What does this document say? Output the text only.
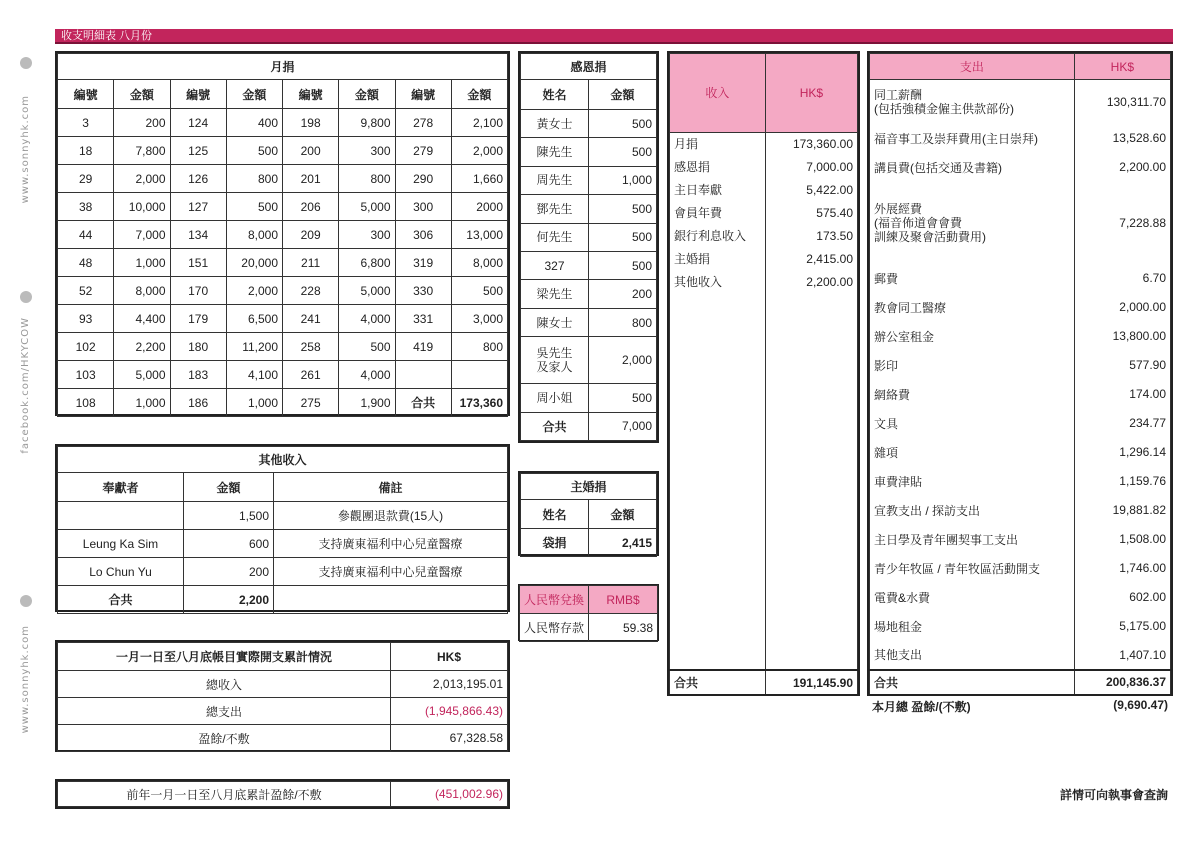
收支明細表 八月份
www.sonnyhk.com
facebook.com/HKYCOW
www.sonnyhk.com
月捐							
編號	金額	編號	金額	編號	金額	編號	金額
3	200	124	400	198	9,800	278	2,100
18	7,800	125	500	200	300	279	2,000
29	2,000	126	800	201	800	290	1,660
38	10,000	127	500	206	5,000	300	2000
44	7,000	134	8,000	209	300	306	13,000
48	1,000	151	20,000	211	6,800	319	8,000
52	8,000	170	2,000	228	5,000	330	500
93	4,400	179	6,500	241	4,000	331	3,000
102	2,200	180	11,200	258	500	419	800
103	5,000	183	4,100	261	4,000		
108	1,000	186	1,000	275	1,900	合共	173,360
感恩捐	
姓名	金額
黃女士	500
陳先生	500
周先生	1,000
鄧先生	500
何先生	500
327	500
梁先生	200
陳女士	800
吳先生
及家人	2,000
周小姐	500
合共	7,000
主婚捐	
姓名	金額
袋捐	2,415
人民幣兌換	RMB$
人民幣存款	59.38
其他收入		
奉獻者	金額	備註
	1,500	參觀團退款費(15人)
Leung Ka Sim	600	支持廣東福利中心兒童醫療
Lo Chun Yu	200	支持廣東福利中心兒童醫療
合共	2,200	
一月一日至八月底帳目實際開支累計情況	HK$
總收入	2,013,195.01
總支出	(1,945,866.43)
盈餘/不敷	67,328.58
前年一月一日至八月底累計盈餘/不敷	(451,002.96)
收入	HK$
月捐	173,360.00
感恩捐	7,000.00
主日奉獻	5,422.00
會員年費	575.40
銀行利息收入	173.50
主婚捐	2,415.00
其他收入	2,200.00

合共	191,145.90
支出	HK$
同工薪酬
(包括強積金僱主供款部份)	130,311.70
福音事工及崇拜費用(主日崇拜)	13,528.60
講員費(包括交通及書籍)	2,200.00
外展經費
(福音佈道會會費
訓練及聚會活動費用)	7,228.88
郵費	6.70
教會同工醫療	2,000.00
辦公室租金	13,800.00
影印	577.90
網絡費	174.00
文具	234.77
雜項	1,296.14
車費津貼	1,159.76
宣教支出 / 探訪支出	19,881.82
主日學及青年團契事工支出	1,508.00
青少年牧區 / 青年牧區活動開支	1,746.00
電費&水費	602.00
場地租金	5,175.00
其他支出	1,407.10
合共	200,836.37
本月總 盈餘/(不敷)	(9,690.47)
詳情可向執事會查詢
